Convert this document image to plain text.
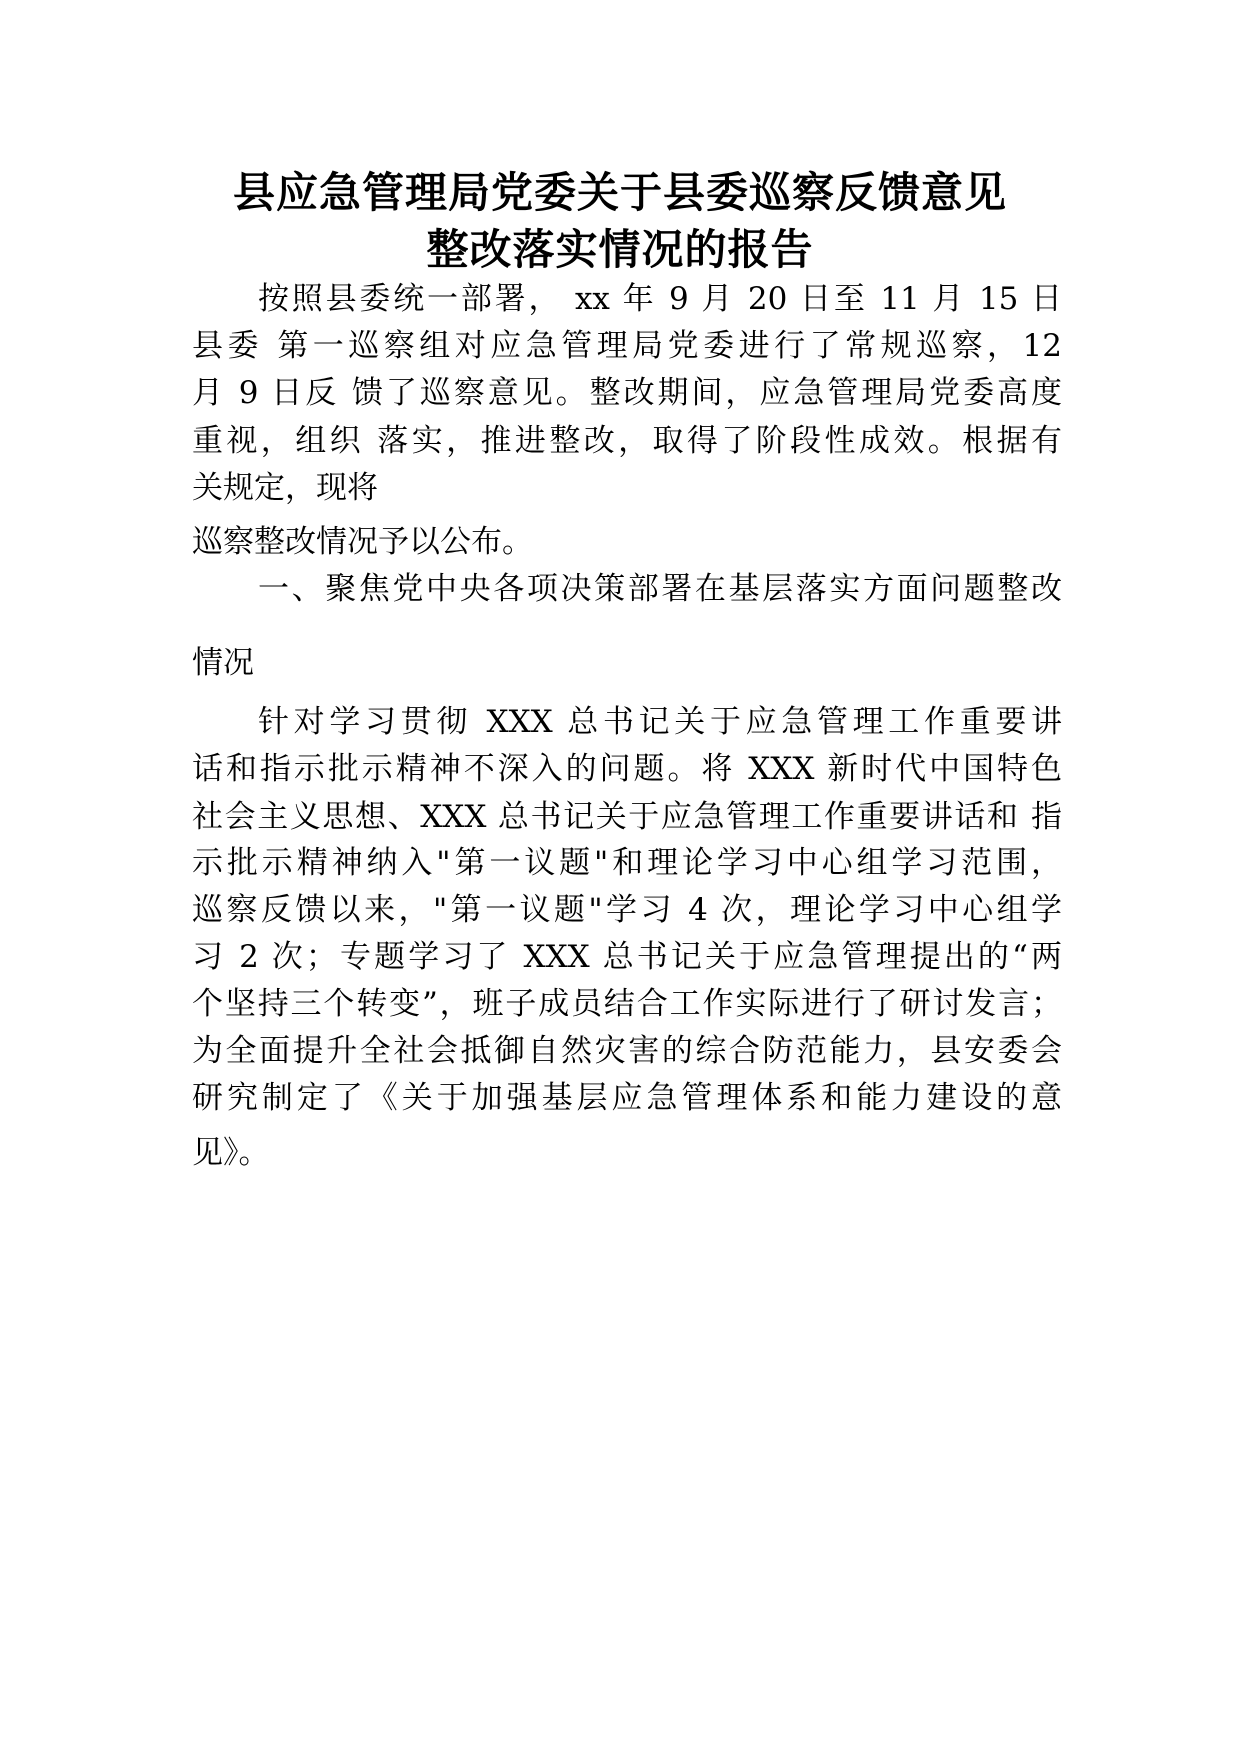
县应急管理局党委关于县委巡察反馈意见
整改落实情况的报告
按照县委统一部署， xx 年 9 月 20 日至 11 月 15 日
县委 第一巡察组对应急管理局党委进行了常规巡察，12
月 9 日反 馈了巡察意见。整改期间，应急管理局党委高度
重视，组织 落实，推进整改，取得了阶段性成效。根据有
关规定，现将
巡察整改情况予以公布。
一、聚焦党中央各项决策部署在基层落实方面问题整改
情况
针对学习贯彻 XXX 总书记关于应急管理工作重要讲
话和指示批示精神不深入的问题。将 XXX 新时代中国特色
社会主义思想、XXX 总书记关于应急管理工作重要讲话和 指
示批示精神纳入"第一议题"和理论学习中心组学习范围，
巡察反馈以来，"第一议题"学习 4 次，理论学习中心组学
习 2 次；专题学习了 XXX 总书记关于应急管理提出的“两
个坚持三个转变”，班子成员结合工作实际进行了研讨发言；
为全面提升全社会抵御自然灾害的综合防范能力，县安委会
研究制定了《关于加强基层应急管理体系和能力建设的意
见》。
